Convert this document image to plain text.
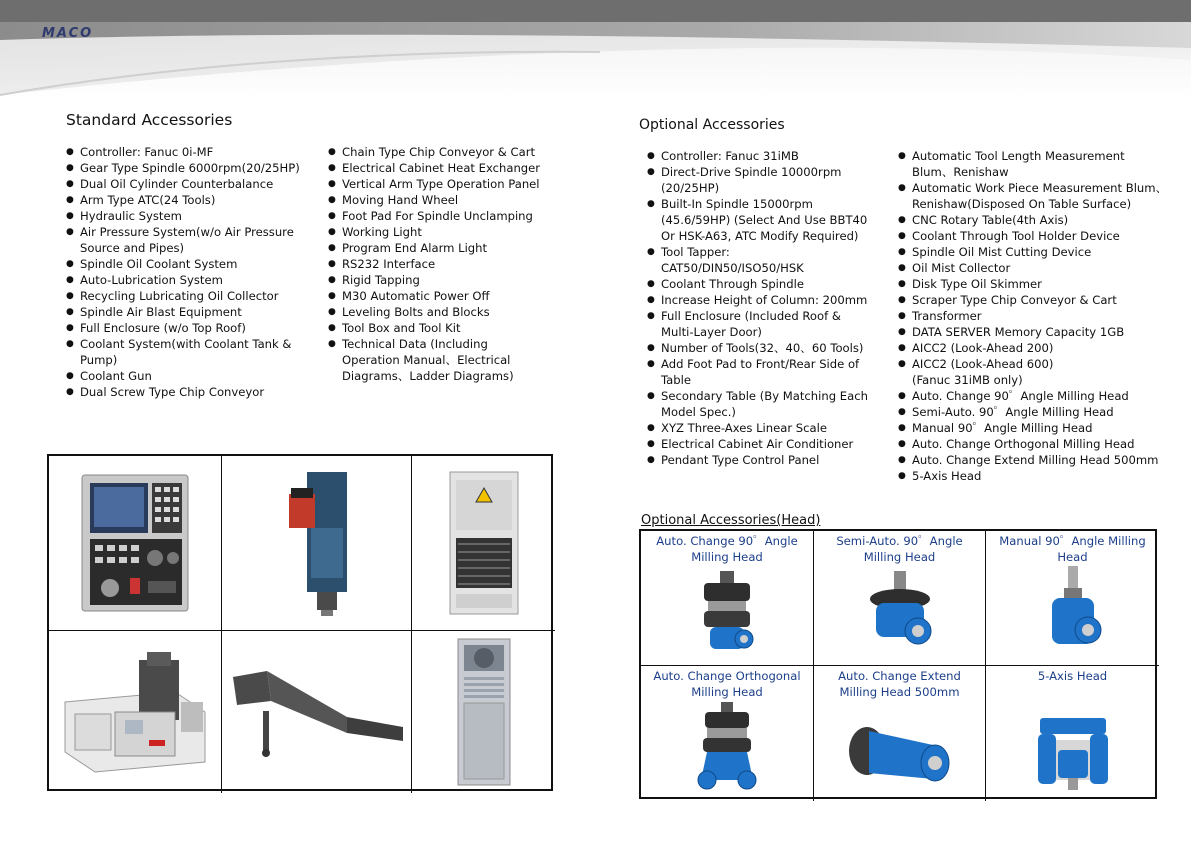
MACO
Standard Accessories
● Controller: Fanuc 0i-MF
● Gear Type Spindle 6000rpm(20/25HP)
● Dual Oil Cylinder Counterbalance
● Arm Type ATC(24 Tools)
● Hydraulic System
● Air Pressure System(w/o Air Pressure Source and Pipes)
● Spindle Oil Coolant System
● Auto-Lubrication System
● Recycling Lubricating Oil Collector
● Spindle Air Blast Equipment
● Full Enclosure (w/o Top Roof)
● Coolant System(with Coolant Tank & Pump)
● Coolant Gun
● Dual Screw Type Chip Conveyor
● Chain Type Chip Conveyor & Cart
● Electrical Cabinet Heat Exchanger
● Vertical Arm Type Operation Panel
● Moving Hand Wheel
● Foot Pad For Spindle Unclamping
● Working Light
● Program End Alarm Light
● RS232 Interface
● Rigid Tapping
● M30 Automatic Power Off
● Leveling Bolts and Blocks
● Tool Box and Tool Kit
● Technical Data (Including Operation Manual、Electrical Diagrams、Ladder Diagrams)
Optional Accessories
● Controller: Fanuc 31iMB
● Direct-Drive Spindle 10000rpm (20/25HP)
● Built-In Spindle 15000rpm (45.6/59HP) (Select And Use BBT40 Or HSK-A63, ATC Modify Required)
● Tool Tapper: CAT50/DIN50/ISO50/HSK
● Coolant Through Spindle
● Increase Height of Column: 200mm
● Full Enclosure (Included Roof & Multi-Layer Door)
● Number of Tools(32、40、60 Tools)
● Add Foot Pad to Front/Rear Side of Table
● Secondary Table (By Matching Each Model Spec.)
● XYZ Three-Axes Linear Scale
● Electrical Cabinet Air Conditioner
● Pendant Type Control Panel
● Automatic Tool Length Measurement Blum、Renishaw
● Automatic Work Piece Measurement Blum、Renishaw(Disposed On Table Surface)
● CNC Rotary Table(4th Axis)
● Coolant Through Tool Holder Device
● Spindle Oil Mist Cutting Device
● Oil Mist Collector
● Disk Type Oil Skimmer
● Scraper Type Chip Conveyor & Cart
● Transformer
● DATA SERVER Memory Capacity 1GB
● AICC2 (Look-Ahead 200)
● AICC2 (Look-Ahead 600) (Fanuc 31iMB only)
● Auto. Change 90゜Angle Milling Head
● Semi-Auto. 90゜Angle Milling Head
● Manual 90゜Angle Milling Head
● Auto. Change Orthogonal Milling Head
● Auto. Change Extend Milling Head 500mm
● 5-Axis Head
Optional Accessories(Head)
Auto. Change 90゜Angle Milling Head
Semi-Auto. 90゜Angle Milling Head
Manual 90゜Angle Milling Head
Auto. Change Orthogonal Milling Head
Auto. Change Extend Milling Head 500mm
5-Axis Head
